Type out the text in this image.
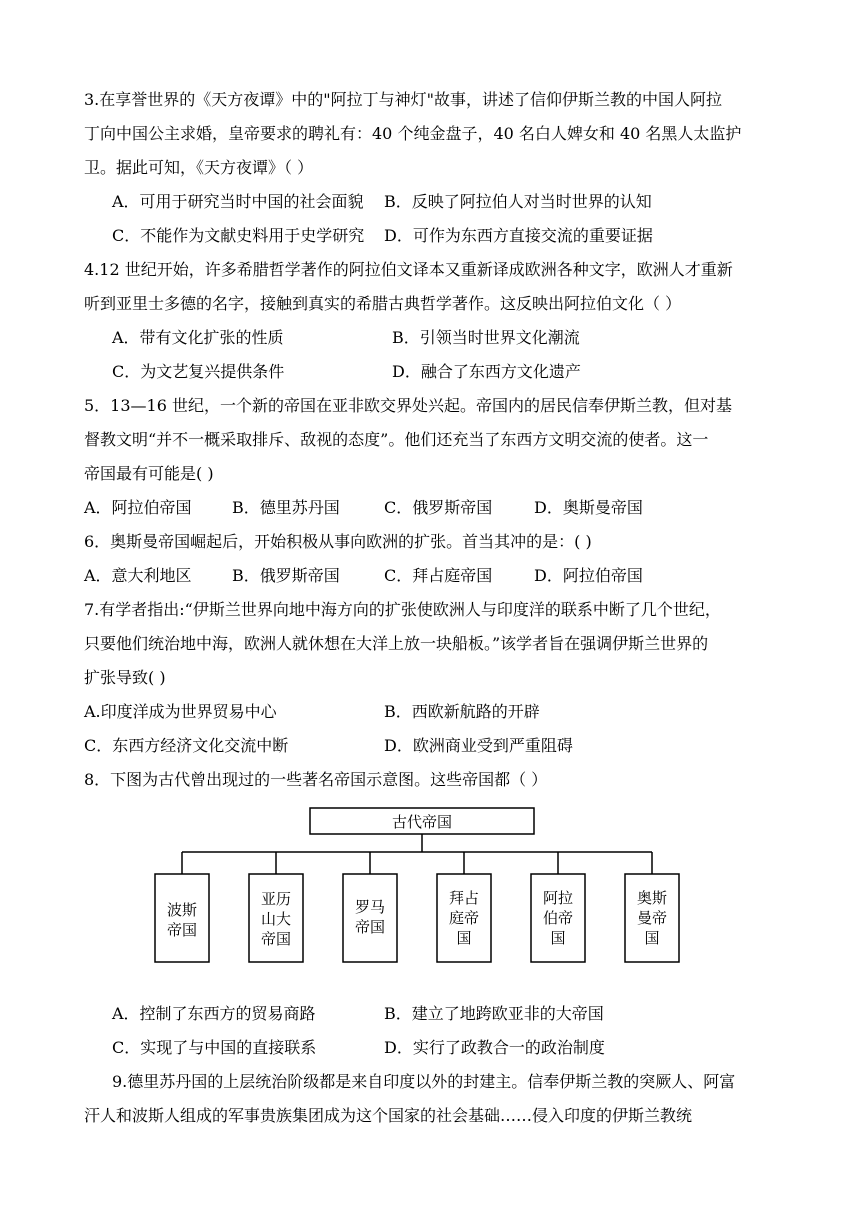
3.在享誉世界的《天方夜谭》中的"阿拉丁与神灯"故事，讲述了信仰伊斯兰教的中国人阿拉
丁向中国公主求婚，皇帝要求的聘礼有：40 个纯金盘子，40 名白人婢女和 40 名黑人太监护
卫。据此可知，《天方夜谭》（ ）
A．可用于研究当时中国的社会面貌 B．反映了阿拉伯人对当时世界的认知
C．不能作为文献史料用于史学研究 D．可作为东西方直接交流的重要证据
4.12 世纪开始，许多希腊哲学著作的阿拉伯文译本又重新译成欧洲各种文字，欧洲人才重新
听到亚里士多德的名字，接触到真实的希腊古典哲学著作。这反映出阿拉伯文化（ ）
A．带有文化扩张的性质	B．引领当时世界文化潮流
C．为文艺复兴提供条件	D．融合了东西方文化遗产
5．13—16 世纪，一个新的帝国在亚非欧交界处兴起。帝国内的居民信奉伊斯兰教，但对基
督教文明“并不一概采取排斥、敌视的态度”。他们还充当了东西方文明交流的使者。这一
帝国最有可能是( )
A．阿拉伯帝国	B．德里苏丹国	C．俄罗斯帝国	D．奥斯曼帝国
6．奥斯曼帝国崛起后，开始积极从事向欧洲的扩张。首当其冲的是：( )
A．意大利地区	B．俄罗斯帝国	C．拜占庭帝国	D．阿拉伯帝国
7.有学者指出:“伊斯兰世界向地中海方向的扩张使欧洲人与印度洋的联系中断了几个世纪，
只要他们统治地中海，欧洲人就休想在大洋上放一块船板。”该学者旨在强调伊斯兰世界的
扩张导致( )
A.印度洋成为世界贸易中心	B．西欧新航路的开辟
C．东西方经济文化交流中断	D．欧洲商业受到严重阻碍
8．下图为古代曾出现过的一些著名帝国示意图。这些帝国都（ ）
古代帝国
波斯
帝国
亚历
山大
帝国
罗马
帝国
拜占
庭帝
国
阿拉
伯帝
国
奥斯
曼帝
国
A．控制了东西方的贸易商路	B．建立了地跨欧亚非的大帝国
C．实现了与中国的直接联系	D．实行了政教合一的政治制度
9.德里苏丹国的上层统治阶级都是来自印度以外的封建主。信奉伊斯兰教的突厥人、阿富
汗人和波斯人组成的军事贵族集团成为这个国家的社会基础……侵入印度的伊斯兰教统
